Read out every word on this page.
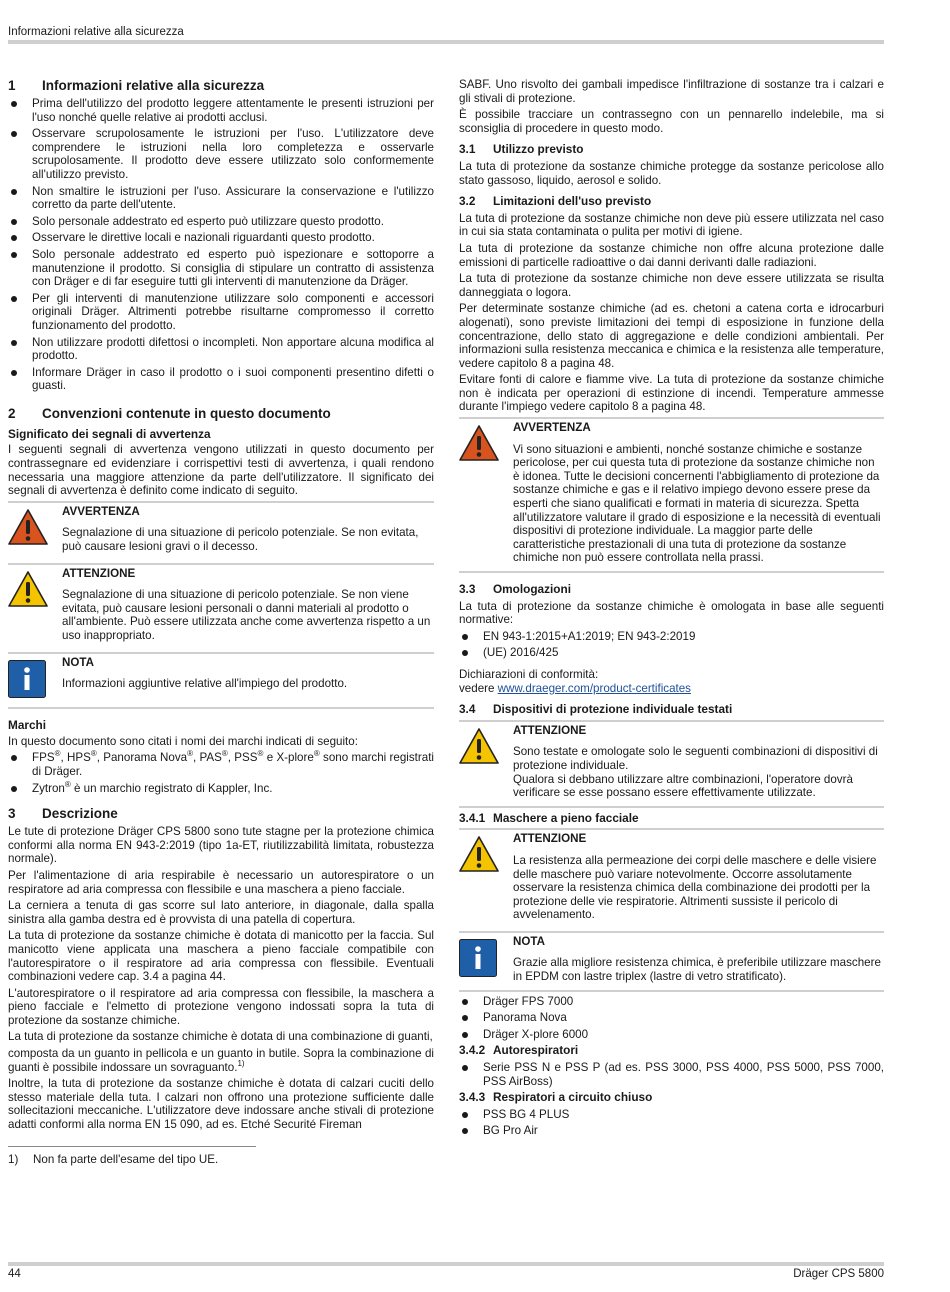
Informazioni relative alla sicurezza
1	Informazioni relative alla sicurezza
Prima dell'utilizzo del prodotto leggere attentamente le presenti istruzioni per l'uso nonché quelle relative ai prodotti acclusi.
Osservare scrupolosamente le istruzioni per l'uso. L'utilizzatore deve comprendere le istruzioni nella loro completezza e osservarle scrupolosamente. Il prodotto deve essere utilizzato solo conformemente all'utilizzo previsto.
Non smaltire le istruzioni per l'uso. Assicurare la conservazione e l'utilizzo corretto da parte dell'utente.
Solo personale addestrato ed esperto può utilizzare questo prodotto.
Osservare le direttive locali e nazionali riguardanti questo prodotto.
Solo personale addestrato ed esperto può ispezionare e sottoporre a manutenzione il prodotto. Si consiglia di stipulare un contratto di assistenza con Dräger e di far eseguire tutti gli interventi di manutenzione da Dräger.
Per gli interventi di manutenzione utilizzare solo componenti e accessori originali Dräger. Altrimenti potrebbe risultarne compromesso il corretto funzionamento del prodotto.
Non utilizzare prodotti difettosi o incompleti. Non apportare alcuna modifica al prodotto.
Informare Dräger in caso il prodotto o i suoi componenti presentino difetti o guasti.
2	Convenzioni contenute in questo documento
Significato dei segnali di avvertenza

I seguenti segnali di avvertenza vengono utilizzati in questo documento per contrassegnare ed evidenziare i corrispettivi testi di avvertenza, i quali rendono necessaria una maggiore attenzione da parte dell'utilizzatore. Il significato dei segnali di avvertenza è definito come indicato di seguito.

AVVERTENZA

Segnalazione di una situazione di pericolo potenziale. Se non evitata, può causare lesioni gravi o il decesso.

ATTENZIONE

Segnalazione di una situazione di pericolo potenziale. Se non viene evitata, può causare lesioni personali o danni materiali al prodotto o all'ambiente. Può essere utilizzata anche come avvertenza rispetto a un uso inappropriato.

NOTA

Informazioni aggiuntive relative all'impiego del prodotto.

Marchi

In questo documento sono citati i nomi dei marchi indicati di seguito:

FPS®, HPS®, Panorama Nova®, PAS®, PSS® e X-plore® sono marchi registrati di Dräger.
Zytron® è un marchio registrato di Kappler, Inc.
3	Descrizione

Le tute di protezione Dräger CPS 5800 sono tute stagne per la protezione chimica conformi alla norma EN 943-2:2019 (tipo 1a-ET, riutilizzabilità limitata, robustezza normale).

Per l'alimentazione di aria respirabile è necessario un autorespiratore o un respiratore ad aria compressa con flessibile e una maschera a pieno facciale.

La cerniera a tenuta di gas scorre sul lato anteriore, in diagonale, dalla spalla sinistra alla gamba destra ed è provvista di una patella di copertura.

La tuta di protezione da sostanze chimiche è dotata di manicotto per la faccia. Sul manicotto viene applicata una maschera a pieno facciale compatibile con l'autorespiratore o il respiratore ad aria compressa con flessibile. Eventuali combinazioni vedere cap. 3.4 a pagina 44.

L'autorespiratore o il respiratore ad aria compressa con flessibile, la maschera a pieno facciale e l'elmetto di protezione vengono indossati sopra la tuta di protezione da sostanze chimiche.

La tuta di protezione da sostanze chimiche è dotata di una combinazione di guanti,

composta da un guanto in pellicola e un guanto in butile. Sopra la combinazione di guanti è possibile indossare un sovraguanto.$^{1)}$

Inoltre, la tuta di protezione da sostanze chimiche è dotata di calzari cuciti dello stesso materiale della tuta. I calzari non offrono una protezione sufficiente dalle sollecitazioni meccaniche. L'utilizzatore deve indossare anche stivali di protezione adatti conformi alla norma EN 15 090, ad es. Etché Securité Fireman

1)	Non fa parte dell'esame del tipo UE.

SABF. Uno risvolto dei gambali impedisce l'infiltrazione di sostanze tra i calzari e gli stivali di protezione.

È possibile tracciare un contrassegno con un pennarello indelebile, ma si sconsiglia di procedere in questo modo.

3.1	Utilizzo previsto

La tuta di protezione da sostanze chimiche protegge da sostanze pericolose allo stato gassoso, liquido, aerosol e solido.

3.2	Limitazioni dell'uso previsto

La tuta di protezione da sostanze chimiche non deve più essere utilizzata nel caso in cui sia stata contaminata o pulita per motivi di igiene.

La tuta di protezione da sostanze chimiche non offre alcuna protezione dalle emissioni di particelle radioattive o dai danni derivanti dalle radiazioni.

La tuta di protezione da sostanze chimiche non deve essere utilizzata se risulta danneggiata o logora.

Per determinate sostanze chimiche (ad es. chetoni a catena corta e idrocarburi alogenati), sono previste limitazioni dei tempi di esposizione in funzione della concentrazione, dello stato di aggregazione e delle condizioni ambientali. Per informazioni sulla resistenza meccanica e chimica e la resistenza alle temperature, vedere capitolo 8 a pagina 48.

Evitare fonti di calore e fiamme vive. La tuta di protezione da sostanze chimiche non è indicata per operazioni di estinzione di incendi. Temperature ammesse durante l'impiego vedere capitolo 8 a pagina 48.

AVVERTENZA

Vi sono situazioni e ambienti, nonché sostanze chimiche e sostanze pericolose, per cui questa tuta di protezione da sostanze chimiche non è idonea. Tutte le decisioni concernenti l'abbigliamento di protezione da sostanze chimiche e gas e il relativo impiego devono essere prese da esperti che siano qualificati e formati in materia di sicurezza. Spetta all'utilizzatore valutare il grado di esposizione e la necessità di eventuali dispositivi di protezione individuale. La maggior parte delle caratteristiche prestazionali di una tuta di protezione da sostanze chimiche non può essere controllata nella prassi.

3.3	Omologazioni

La tuta di protezione da sostanze chimiche è omologata in base alle seguenti normative:

EN 943-1:2015+A1:2019; EN 943-2:2019
(UE) 2016/425

Dichiarazioni di conformità:

vedere www.draeger.com/product-certificates

3.4	Dispositivi di protezione individuale testati
ATTENZIONE

Sono testate e omologate solo le seguenti combinazioni di dispositivi di protezione individuale.

Qualora si debbano utilizzare altre combinazioni, l'operatore dovrà verificare se esse possano essere effettivamente utilizzate.

3.4.1 Maschere a pieno facciale
ATTENZIONE

La resistenza alla permeazione dei corpi delle maschere e delle visiere delle maschere può variare notevolmente. Occorre assolutamente osservare la resistenza chimica della combinazione dei prodotti per la protezione delle vie respiratorie. Altrimenti sussiste il pericolo di avvelenamento.

NOTA

Grazie alla migliore resistenza chimica, è preferibile utilizzare maschere in EPDM con lastre triplex (lastre di vetro stratificato).

Dräger FPS 7000
Panorama Nova
Dräger X-plore 6000
3.4.2 Autorespiratori
Serie PSS N e PSS P (ad es. PSS 3000, PSS 4000, PSS 5000, PSS 7000, PSS AirBoss)
3.4.3 Respiratori a circuito chiuso
PSS BG 4 PLUS
BG Pro Air
44	Dräger CPS 5800
